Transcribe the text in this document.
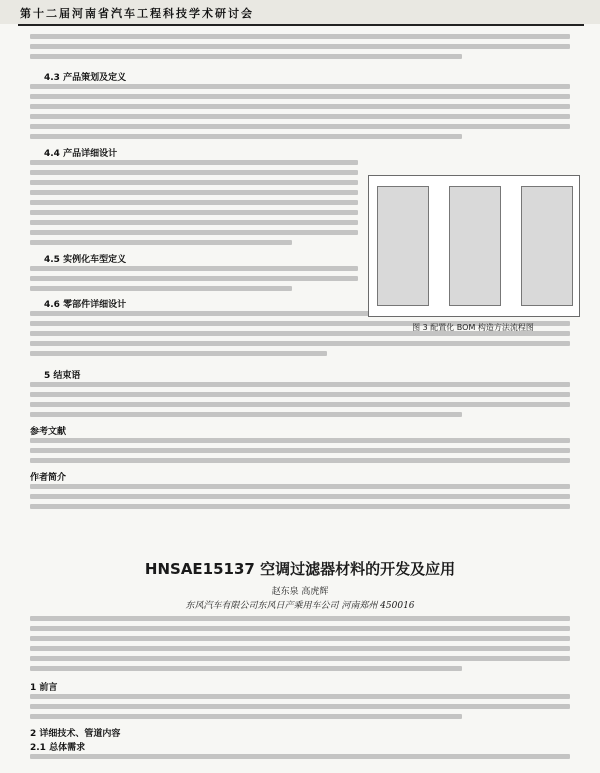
第十二届河南省汽车工程科技学术研讨会
4.3 产品策划及定义
4.4 产品详细设计
4.5 实例化车型定义
4.6 零部件详细设计
图 3 配置化 BOM 构造方法流程图
5 结束语
参考文献
作者简介
HNSAE15137 空调过滤器材料的开发及应用
赵东泉 高虎辉
东风汽车有限公司东风日产乘用车公司 河南郑州 450016
1 前言
2 详细技术、管道内容
2.1 总体需求
